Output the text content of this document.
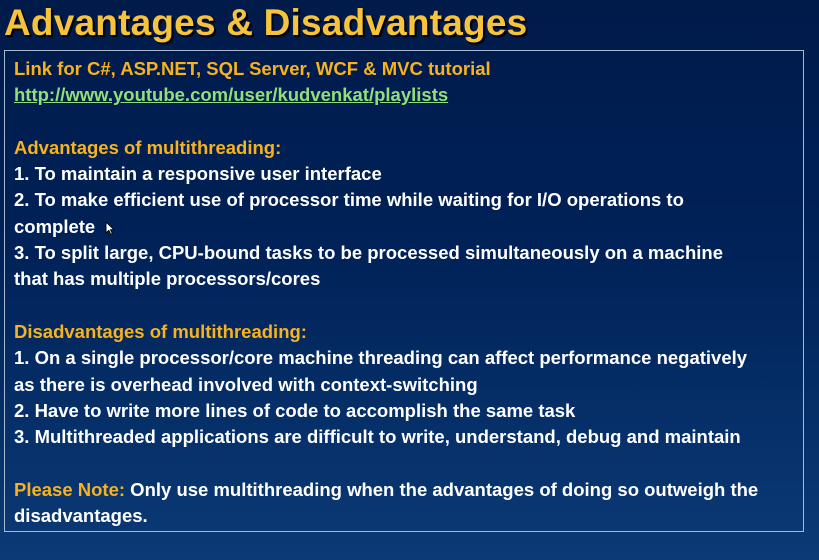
Advantages & Disadvantages
Link for C#, ASP.NET, SQL Server, WCF & MVC tutorial
http://www.youtube.com/user/kudvenkat/playlists
Advantages of multithreading:
1. To maintain a responsive user interface
2. To make efficient use of processor time while waiting for I/O operations to
complete
3. To split large, CPU-bound tasks to be processed simultaneously on a machine
that has multiple processors/cores
Disadvantages of multithreading:
1. On a single processor/core machine threading can affect performance negatively
as there is overhead involved with context-switching
2. Have to write more lines of code to accomplish the same task
3. Multithreaded applications are difficult to write, understand, debug and maintain
Please Note: Only use multithreading when the advantages of doing so outweigh the
disadvantages.
